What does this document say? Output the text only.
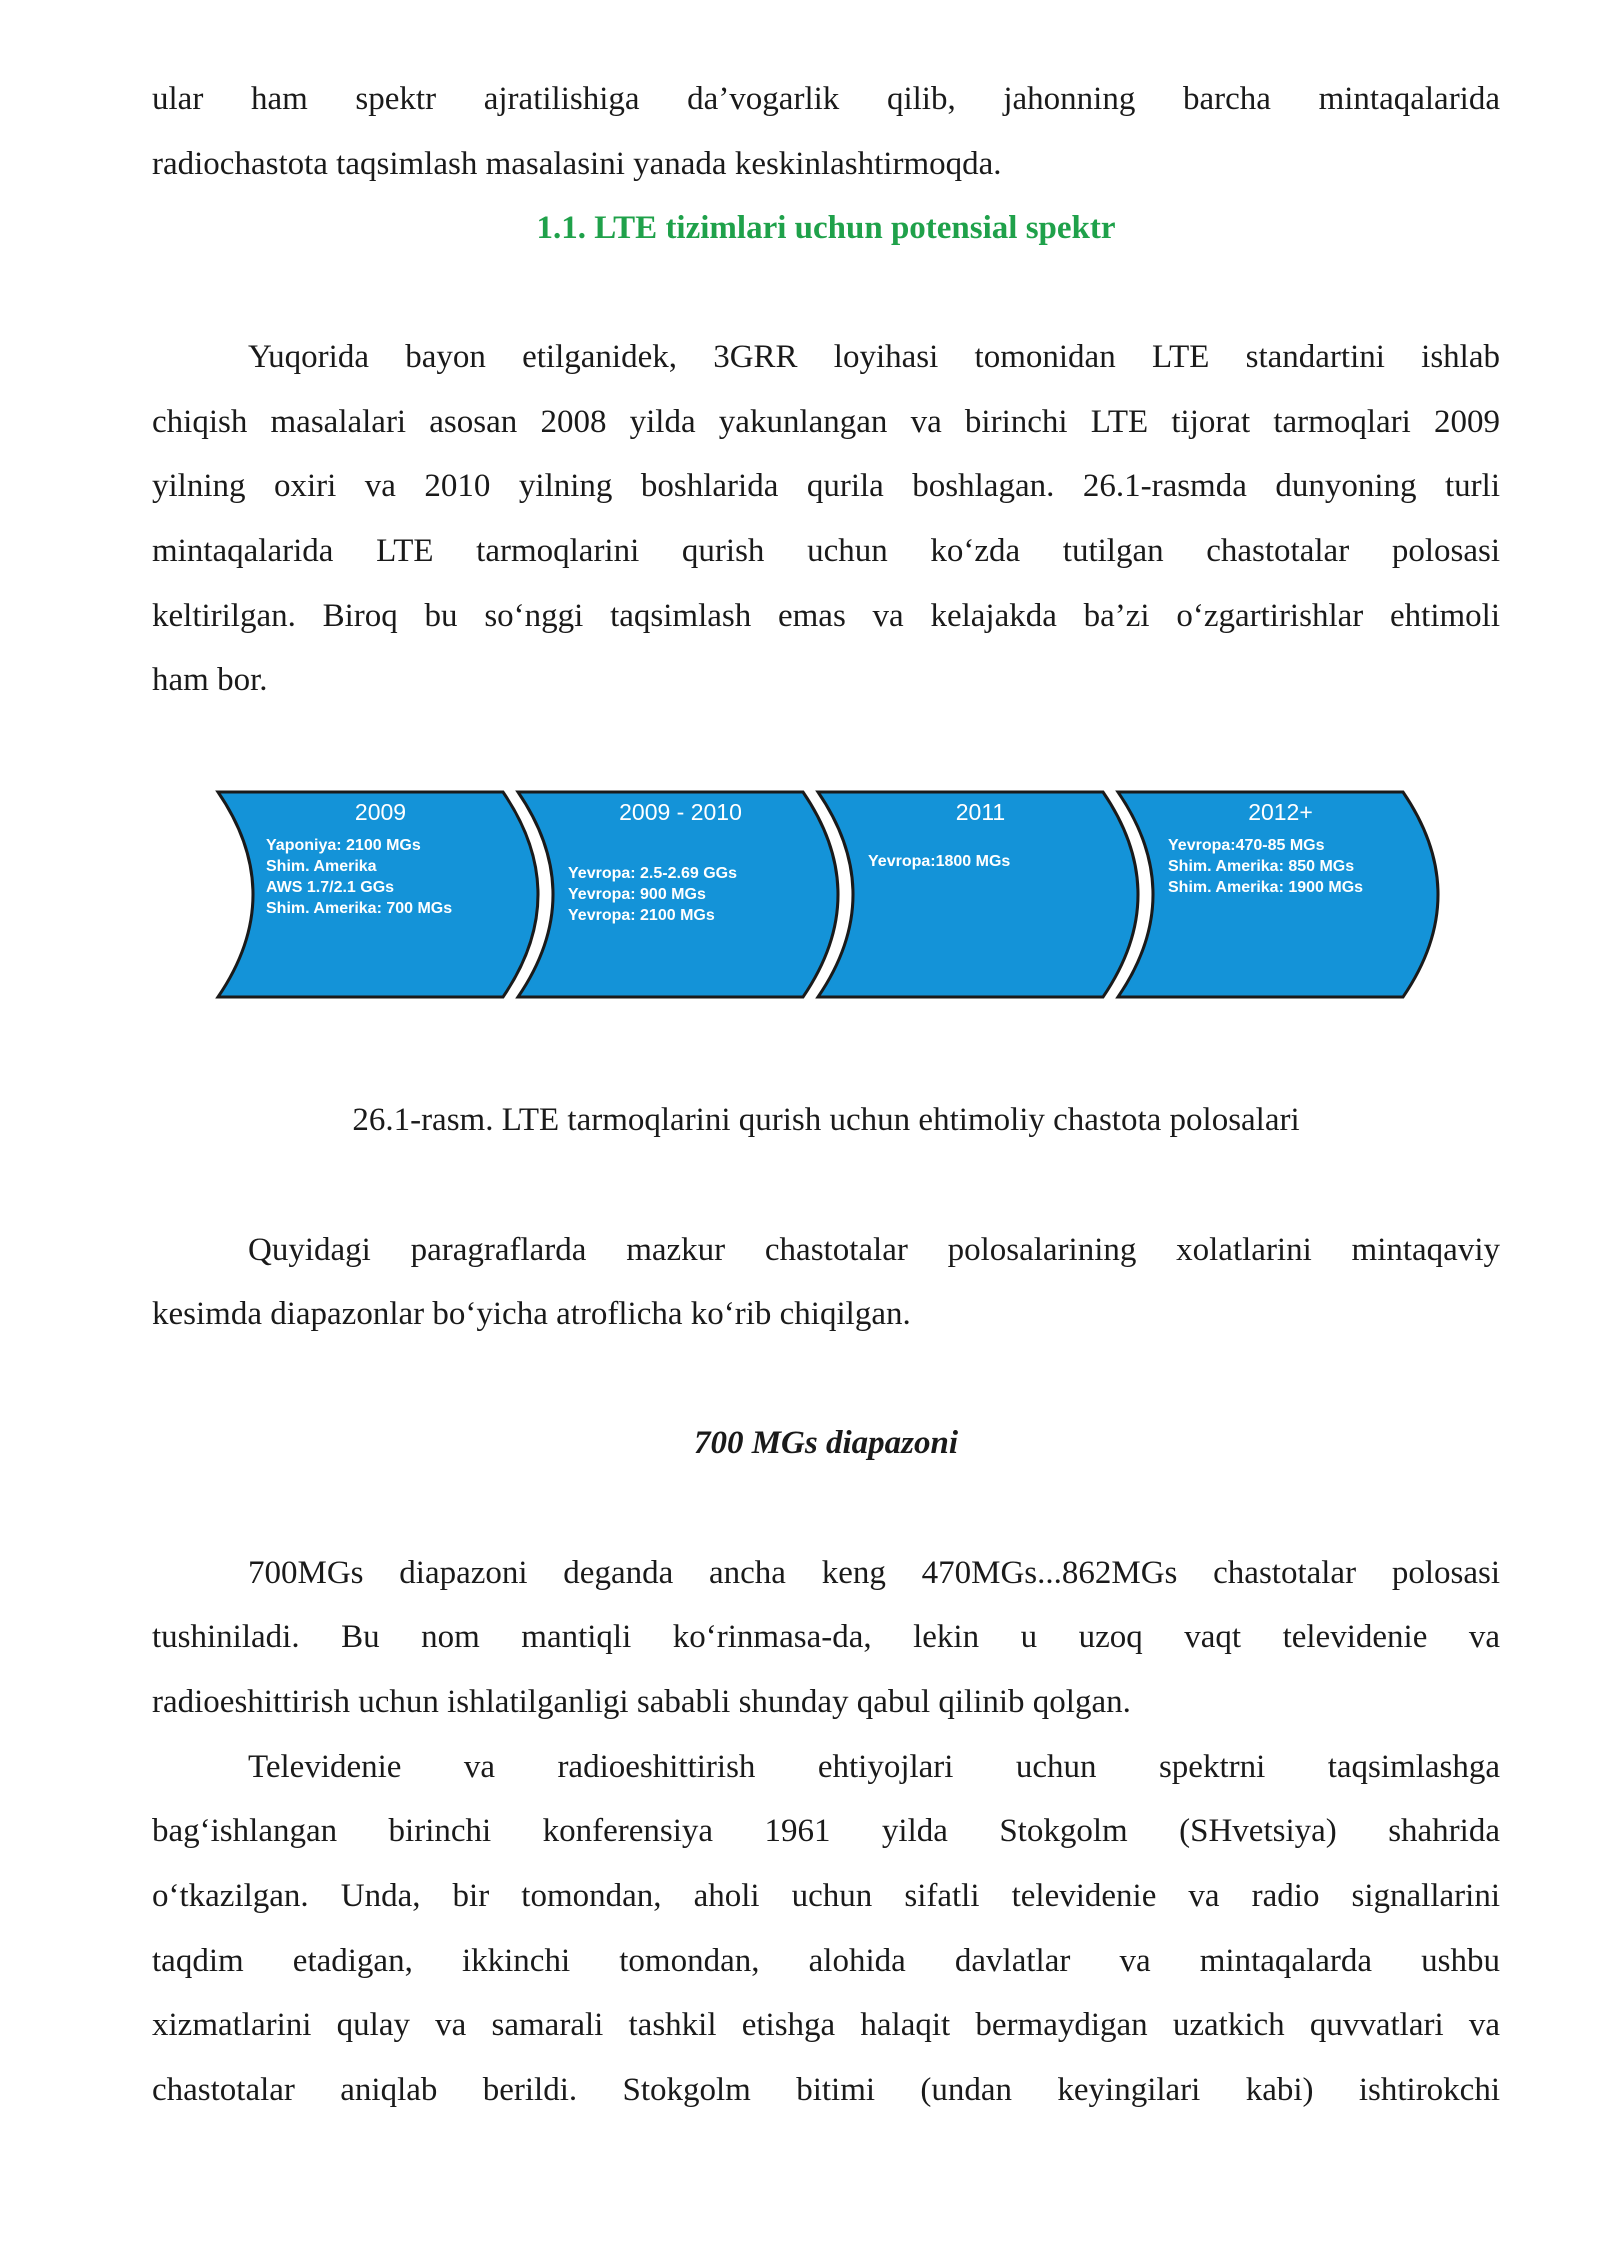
ular ham spektr ajratilishiga da’vogarlik qilib, jahonning barcha mintaqalarida

radiochastota taqsimlash masalasini yanada keskinlashtirmoqda.

1.1. LTE tizimlari uchun potensial spektr

Yuqorida bayon etilganidek, 3GRR loyihasi tomonidan LTE standartini ishlab

chiqish masalalari asosan 2008 yilda yakunlangan va birinchi LTE tijorat tarmoqlari 2009

yilning oxiri va 2010 yilning boshlarida qurila boshlagan. 26.1-rasmda dunyoning turli

mintaqalarida LTE tarmoqlarini qurish uchun ko‘zda tutilgan chastotalar polosasi

keltirilgan. Biroq bu so‘nggi taqsimlash emas va kelajakda ba’zi o‘zgartirishlar ehtimoli

ham bor.

2009
Yaponiya: 2100 MGs
Shim. Amerika
AWS 1.7/2.1 GGs
Shim. Amerika: 700 MGs
2009 - 2010
Yevropa: 2.5-2.69 GGs
Yevropa: 900 MGs
Yevropa: 2100 MGs
2011
Yevropa:1800 MGs
2012+
Yevropa:470-85 MGs
Shim. Amerika: 850 MGs
Shim. Amerika: 1900 MGs

26.1-rasm. LTE tarmoqlarini qurish uchun ehtimoliy chastota polosalari

Quyidagi paragraflarda mazkur chastotalar polosalarining xolatlarini mintaqaviy

kesimda diapazonlar bo‘yicha atroflicha ko‘rib chiqilgan.

700 MGs diapazoni

700MGs diapazoni deganda ancha keng 470MGs...862MGs chastotalar polosasi

tushiniladi. Bu nom mantiqli ko‘rinmasa-da, lekin u uzoq vaqt televidenie va

radioeshittirish uchun ishlatilganligi sababli shunday qabul qilinib qolgan.

Televidenie va radioeshittirish ehtiyojlari uchun spektrni taqsimlashga

bag‘ishlangan birinchi konferensiya 1961 yilda Stokgolm (SHvetsiya) shahrida

o‘tkazilgan. Unda, bir tomondan, aholi uchun sifatli televidenie va radio signallarini

taqdim etadigan, ikkinchi tomondan, alohida davlatlar va mintaqalarda ushbu

xizmatlarini qulay va samarali tashkil etishga halaqit bermaydigan uzatkich quvvatlari va

chastotalar aniqlab berildi. Stokgolm bitimi (undan keyingilari kabi) ishtirokchi
